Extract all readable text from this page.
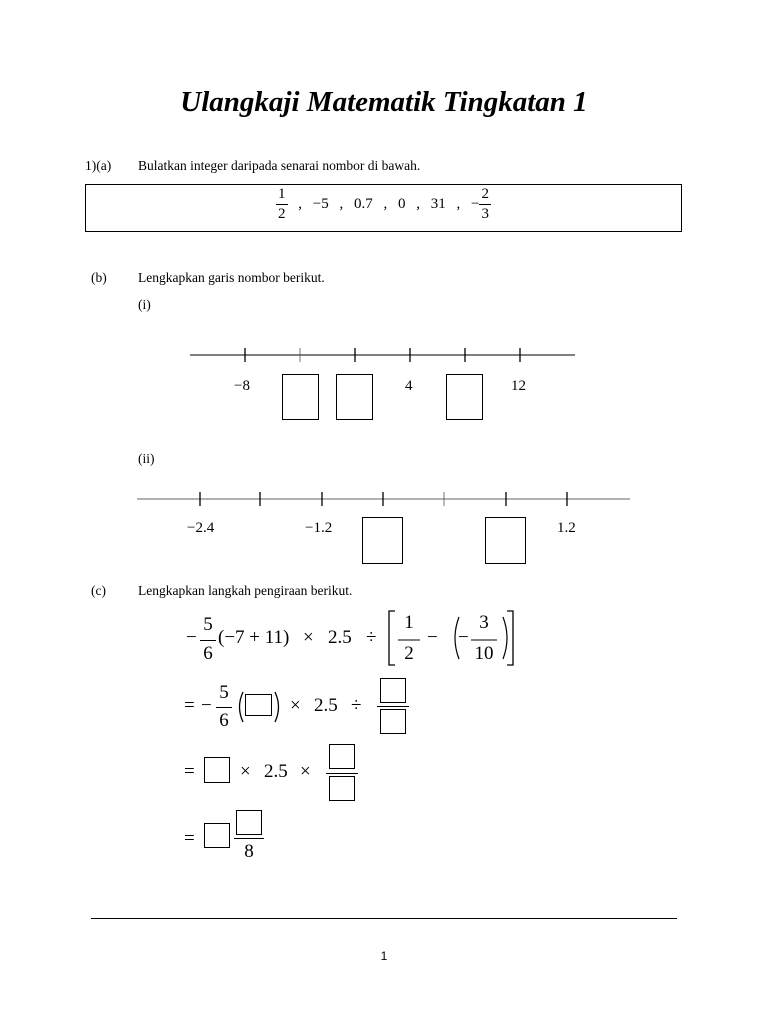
Ulangkaji Matematik Tingkatan 1
1)(a) Bulatkan integer daripada senarai nombor di bawah.
$\frac{1}{2}$ , −5 , 0.7 , 0 , 31 , − $\frac{2}{3}$
(b) Lengkapkan garis nombor berikut.
(i)
−8	4	12
(ii)
−2.4	−1.2	1.2
(c) Lengkapkan langkah pengiraan berikut.
−
5
6
(−7 + 11) × 2.5 ÷
1
2
− −
3
10
= −
5
6
× 2.5 ÷
= × 2.5 ×
=
8
1
